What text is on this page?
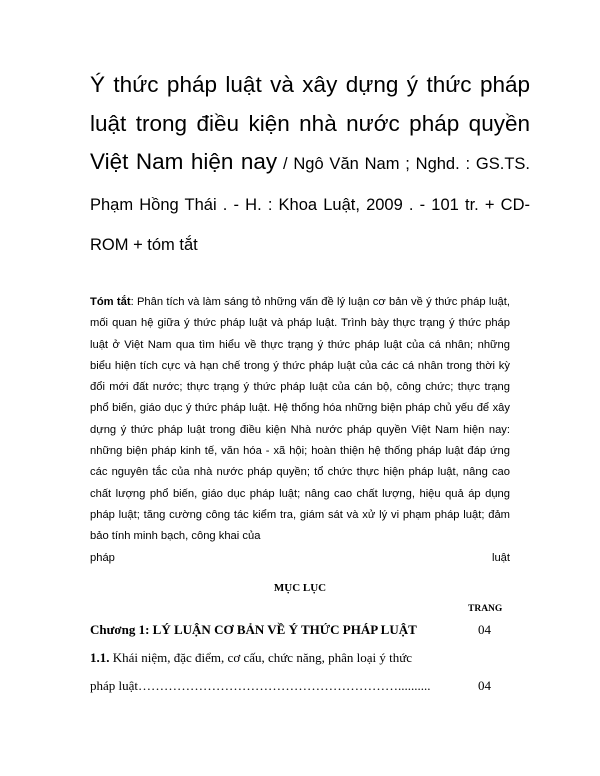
Ý thức pháp luật và xây dựng ý thức pháp luật trong điều kiện nhà nước pháp quyền Việt Nam hiện nay / Ngô Văn Nam ; Nghd. : GS.TS. Phạm Hồng Thái . - H. : Khoa Luật, 2009 . - 101 tr. + CD-ROM + tóm tắt
Tóm tắt: Phân tích và làm sáng tỏ những vấn đề lý luận cơ bản về ý thức pháp luật, mối quan hệ giữa ý thức pháp luật và pháp luật. Trình bày thực trạng ý thức pháp luật ở Việt Nam qua tìm hiểu về thực trạng ý thức pháp luật của cá nhân; những biểu hiện tích cực và hạn chế trong ý thức pháp luật của các cá nhân trong thời kỳ đổi mới đất nước; thực trạng ý thức pháp luật của cán bộ, công chức; thực trạng phổ biến, giáo dục ý thức pháp luật. Hệ thống hóa những biện pháp chủ yếu để xây dựng ý thức pháp luật trong điều kiện Nhà nước pháp quyền Việt Nam hiện nay: những biện pháp kinh tế, văn hóa - xã hội; hoàn thiện hệ thống pháp luật đáp ứng các nguyên tắc của nhà nước pháp quyền; tổ chức thực hiện pháp luật, nâng cao chất lượng phổ biến, giáo dục pháp luật; nâng cao chất lượng, hiệu quả áp dụng pháp luật; tăng cường công tác kiểm tra, giám sát và xử lý vi phạm pháp luật; đảm bảo tính minh bạch, công khai của
pháp	luật
MỤC LỤC
TRANG
Chương 1: LÝ LUẬN CƠ BẢN VỀ Ý THỨC PHÁP LUẬT	04
1.1. Khái niệm, đặc điểm, cơ cấu, chức năng, phân loại ý thức
pháp luật……………………………………………………..........	04
